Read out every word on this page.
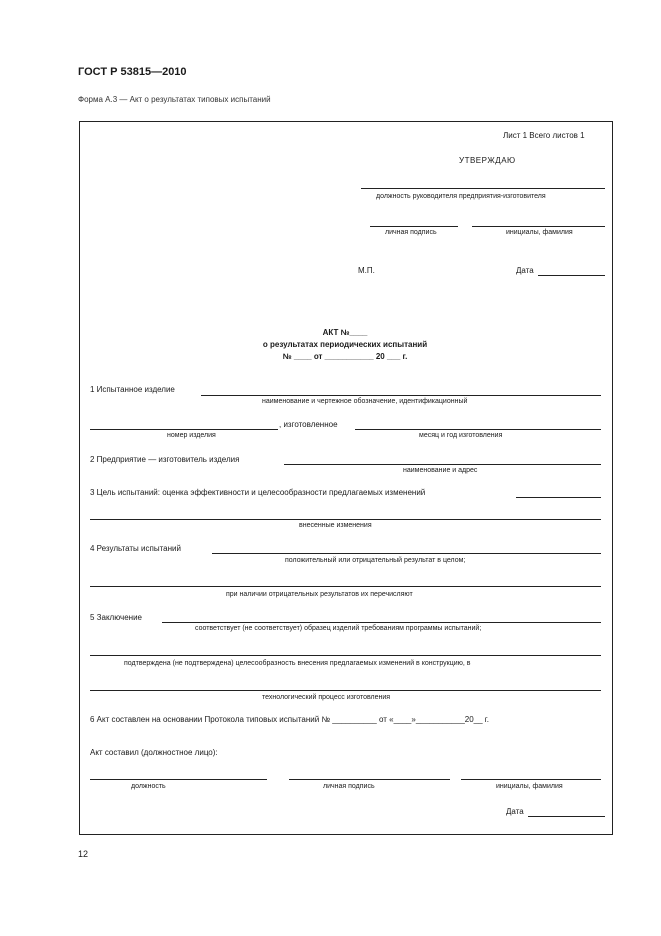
ГОСТ Р 53815—2010
Форма А.3 — Акт о результатах типовых испытаний
Лист 1 Всего листов 1
УТВЕРЖДАЮ
должность руководителя предприятия-изготовителя
личная подпись	инициалы, фамилия
М.П.	Дата
АКТ №____
о результатах периодических испытаний
№ ____ от ___________ 20 ___ г.
1 Испытанное изделие
наименование и чертежное обозначение, идентификационный
, изготовленное
номер изделия	месяц и год изготовления
2 Предприятие — изготовитель изделия
наименование и адрес
3 Цель испытаний: оценка эффективности и целесообразности предлагаемых изменений
внесенные изменения
4 Результаты испытаний
положительный или отрицательный результат в целом;
при наличии отрицательных результатов их перечисляют
5 Заключение
соответствует (не соответствует) образец изделий требованиям программы испытаний;
подтверждена (не подтверждена) целесообразность внесения предлагаемых изменений в конструкцию, в
технологический процесс изготовления
6 Акт составлен на основании Протокола типовых испытаний № __________ от «____»___________20__ г.
Акт составил (должностное лицо):
должность	личная подпись	инициалы, фамилия
Дата
12
